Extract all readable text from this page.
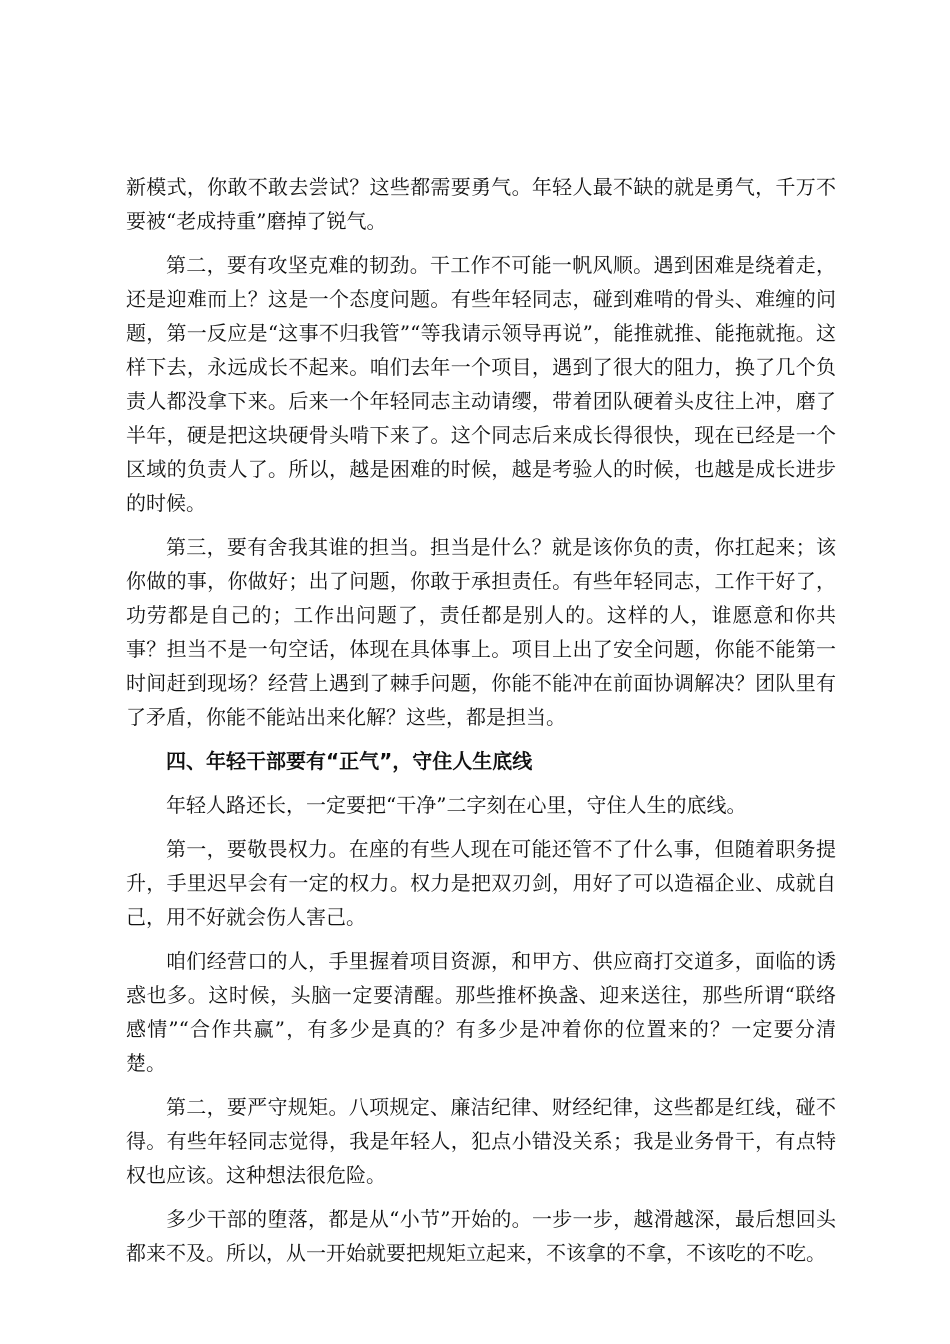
新模式，你敢不敢去尝试？这些都需要勇气。年轻人最不缺的就是勇气，千万不要被“老成持重”磨掉了锐气。

第二，要有攻坚克难的韧劲。干工作不可能一帆风顺。遇到困难是绕着走，还是迎难而上？这是一个态度问题。有些年轻同志，碰到难啃的骨头、难缠的问题，第一反应是“这事不归我管”“等我请示领导再说”，能推就推、能拖就拖。这样下去，永远成长不起来。咱们去年一个项目，遇到了很大的阻力，换了几个负责人都没拿下来。后来一个年轻同志主动请缨，带着团队硬着头皮往上冲，磨了半年，硬是把这块硬骨头啃下来了。这个同志后来成长得很快，现在已经是一个区域的负责人了。所以，越是困难的时候，越是考验人的时候，也越是成长进步的时候。

第三，要有舍我其谁的担当。担当是什么？就是该你负的责，你扛起来；该你做的事，你做好；出了问题，你敢于承担责任。有些年轻同志，工作干好了，功劳都是自己的；工作出问题了，责任都是别人的。这样的人，谁愿意和你共事？担当不是一句空话，体现在具体事上。项目上出了安全问题，你能不能第一时间赶到现场？经营上遇到了棘手问题，你能不能冲在前面协调解决？团队里有了矛盾，你能不能站出来化解？这些，都是担当。

四、年轻干部要有“正气”，守住人生底线

年轻人路还长，一定要把“干净”二字刻在心里，守住人生的底线。

第一，要敬畏权力。在座的有些人现在可能还管不了什么事，但随着职务提升，手里迟早会有一定的权力。权力是把双刃剑，用好了可以造福企业、成就自己，用不好就会伤人害己。

咱们经营口的人，手里握着项目资源，和甲方、供应商打交道多，面临的诱惑也多。这时候，头脑一定要清醒。那些推杯换盏、迎来送往，那些所谓“联络感情”“合作共赢”，有多少是真的？有多少是冲着你的位置来的？一定要分清楚。

第二，要严守规矩。八项规定、廉洁纪律、财经纪律，这些都是红线，碰不得。有些年轻同志觉得，我是年轻人，犯点小错没关系；我是业务骨干，有点特权也应该。这种想法很危险。

多少干部的堕落，都是从“小节”开始的。一步一步，越滑越深，最后想回头都来不及。所以，从一开始就要把规矩立起来，不该拿的不拿，不该吃的不吃。
